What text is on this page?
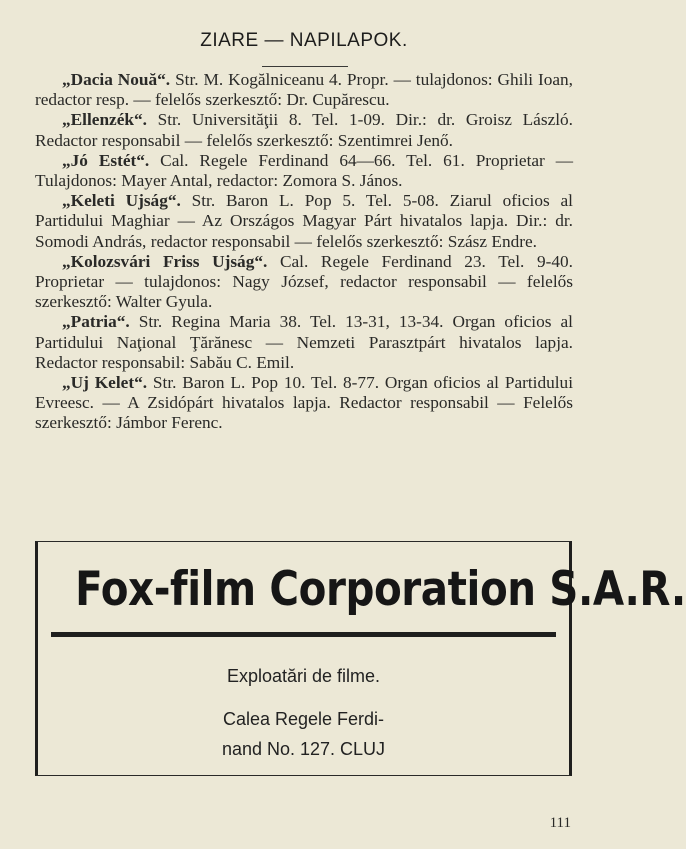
ZIARE — NAPILAPOK.

„Dacia Nouă“. Str. M. Kogălniceanu 4. Propr. — tulajdonos: Ghili Ioan, redactor resp. — felelős szerkesztő: Dr. Cupărescu.

„Ellenzék“. Str. Universităţii 8. Tel. 1-09. Dir.: dr. Groisz László. Redactor responsabil — felelős szerkesztő: Szentimrei Jenő.

„Jó Estét“. Cal. Regele Ferdinand 64—66. Tel. 61. Proprietar — Tulajdonos: Mayer Antal, redactor: Zomora S. János.

„Keleti Ujság“. Str. Baron L. Pop 5. Tel. 5-08. Ziarul oficios al Partidului Maghiar — Az Országos Magyar Párt hivatalos lapja. Dir.: dr. Somodi András, redactor responsabil — felelős szerkesztő: Szász Endre.

„Kolozsvári Friss Ujság“. Cal. Regele Ferdinand 23. Tel. 9-40. Proprietar — tulajdonos: Nagy József, redactor responsabil — felelős szerkesztő: Walter Gyula.

„Patria“. Str. Regina Maria 38. Tel. 13-31, 13-34. Organ oficios al Partidului Naţional Ţărănesc — Nemzeti Parasztpárt hivatalos lapja. Redactor responsabil: Sabău C. Emil.

„Uj Kelet“. Str. Baron L. Pop 10. Tel. 8-77. Organ oficios al Partidului Evreesc. — A Zsidópárt hivatalos lapja. Redactor responsabil — Felelős szerkesztő: Jámbor Ferenc.

Fox-film Corporation S.A.R.
Exploatări de filme.
Calea Regele Ferdi-
nand No. 127. CLUJ
111
